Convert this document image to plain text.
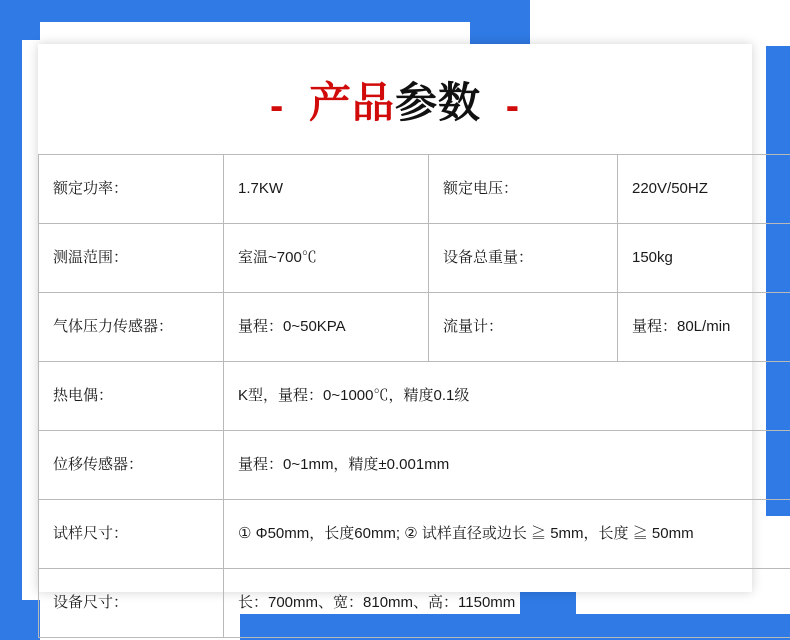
- 产品参数 -
额定功率：	1.7KW	额定电压：	220V/50HZ
测温范围：	室温~700℃	设备总重量：	150kg
气体压力传感器：	量程：0~50KPA	流量计：	量程：80L/min
热电偶：	K型，量程：0~1000℃，精度0.1级		
位移传感器：	量程：0~1mm，精度±0.001mm		
试样尺寸：	① Φ50mm，长度60mm; ② 试样直径或边长 ≧ 5mm，长度 ≧ 50mm		
设备尺寸：	长：700mm、宽：810mm、高：1150mm		
